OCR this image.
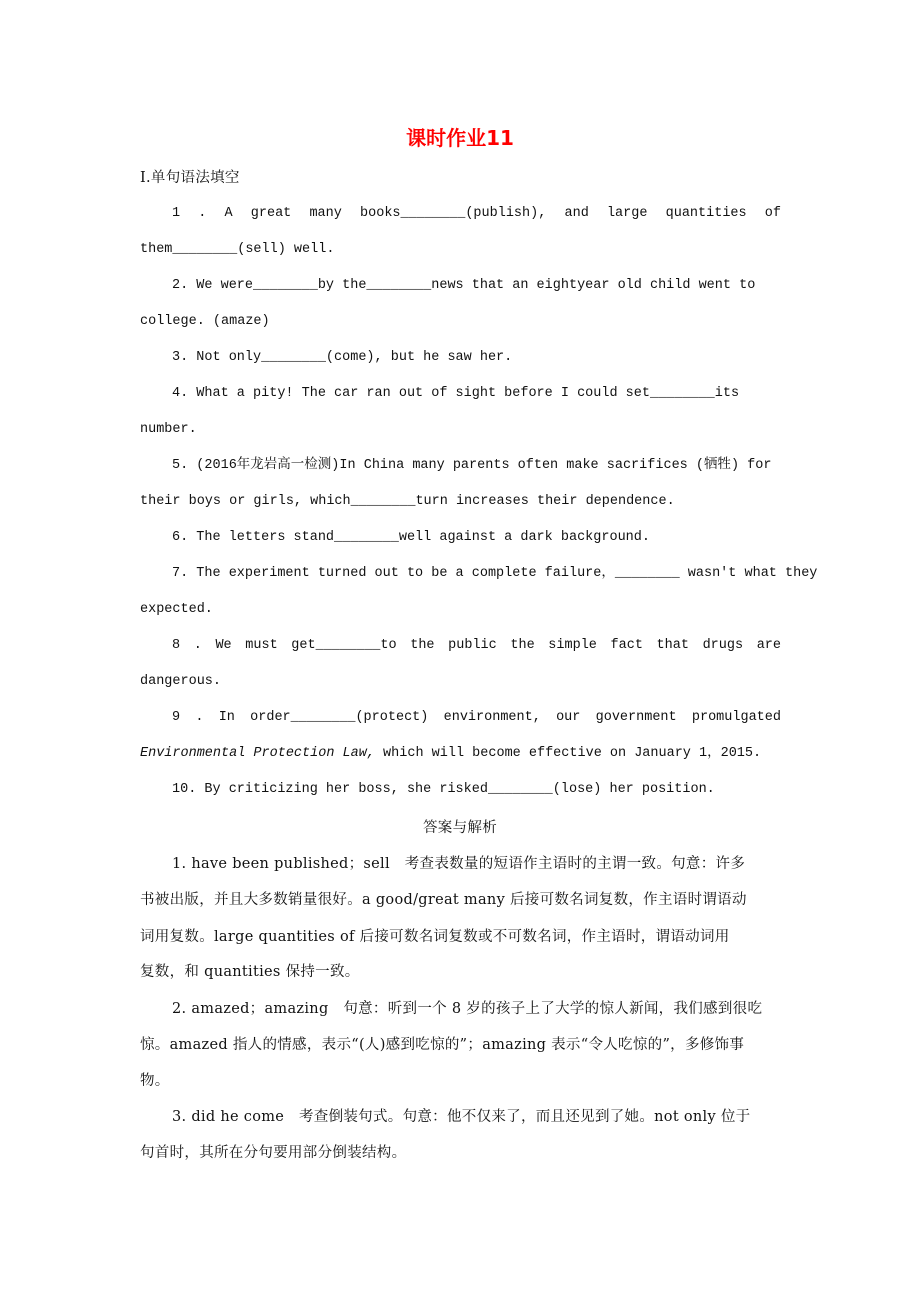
课时作业11
Ⅰ.单句语法填空
1 . A great many books________(publish), and large quantities of
them________(sell) well.
2. We were________by the________news that an eightyear old child went to
college. (amaze)
3. Not only________(come), but he saw her.
4. What a pity! The car ran out of sight before I could set________its
number.
5. (2016年龙岩高一检测)In China many parents often make sacrifices (牺牲) for
their boys or girls, which________turn increases their dependence.
6. The letters stand________well against a dark background.
7. The experiment turned out to be a complete failure，________ wasn't what they
expected.
8 . We must get________to the public the simple fact that drugs are
dangerous.
9 . In order________(protect) environment, our government promulgated
Environmental Protection Law, which will become effective on January 1，2015.
10. By criticizing her boss, she risked________(lose) her position.
答案与解析
1. have been published；sell　考查表数量的短语作主语时的主谓一致。句意：许多
书被出版，并且大多数销量很好。a good/great many 后接可数名词复数，作主语时谓语动
词用复数。large quantities of 后接可数名词复数或不可数名词，作主语时，谓语动词用
复数，和 quantities 保持一致。
2. amazed；amazing　句意：听到一个 8 岁的孩子上了大学的惊人新闻，我们感到很吃
惊。amazed 指人的情感，表示“(人)感到吃惊的”；amazing 表示“令人吃惊的”，多修饰事
物。
3. did he come　考查倒装句式。句意：他不仅来了，而且还见到了她。not only 位于
句首时，其所在分句要用部分倒装结构。
